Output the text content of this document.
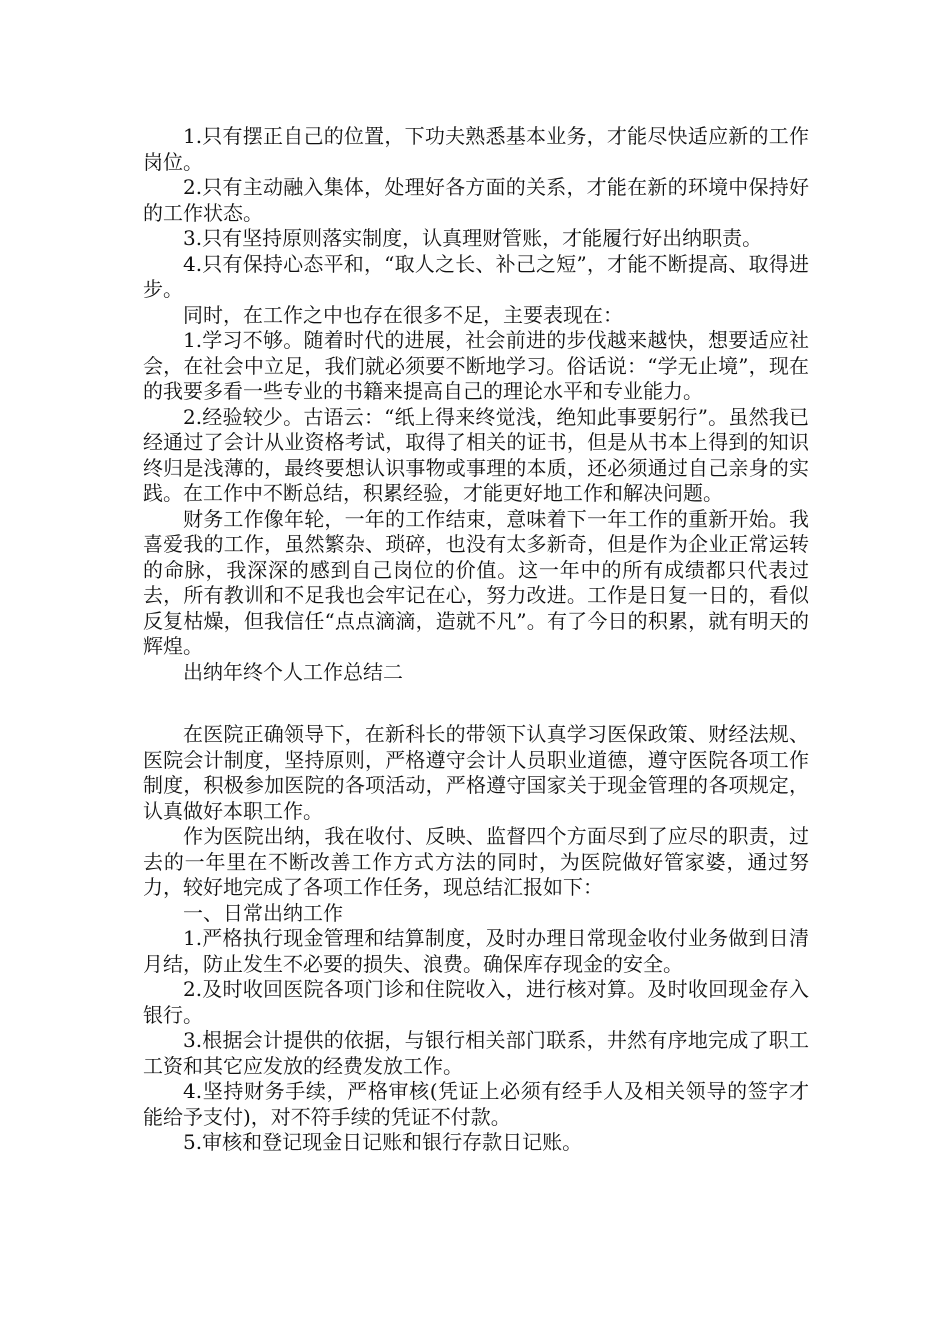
1.只有摆正自己的位置，下功夫熟悉基本业务，才能尽快适应新的工作岗位。

2.只有主动融入集体，处理好各方面的关系，才能在新的环境中保持好的工作状态。

3.只有坚持原则落实制度，认真理财管账，才能履行好出纳职责。

4.只有保持心态平和，“取人之长、补己之短”，才能不断提高、取得进步。

同时，在工作之中也存在很多不足，主要表现在：

1.学习不够。随着时代的进展，社会前进的步伐越来越快，想要适应社会，在社会中立足，我们就必须要不断地学习。俗话说：“学无止境”，现在的我要多看一些专业的书籍来提高自己的理论水平和专业能力。

2.经验较少。古语云：“纸上得来终觉浅，绝知此事要躬行”。虽然我已经通过了会计从业资格考试，取得了相关的证书，但是从书本上得到的知识终归是浅薄的，最终要想认识事物或事理的本质，还必须通过自己亲身的实践。在工作中不断总结，积累经验，才能更好地工作和解决问题。

财务工作像年轮，一年的工作结束，意味着下一年工作的重新开始。我喜爱我的工作，虽然繁杂、琐碎，也没有太多新奇，但是作为企业正常运转的命脉，我深深的感到自己岗位的价值。这一年中的所有成绩都只代表过去，所有教训和不足我也会牢记在心，努力改进。工作是日复一日的，看似反复枯燥，但我信任“点点滴滴，造就不凡”。有了今日的积累，就有明天的辉煌。

出纳年终个人工作总结二

在医院正确领导下，在新科长的带领下认真学习医保政策、财经法规、医院会计制度，坚持原则，严格遵守会计人员职业道德，遵守医院各项工作制度，积极参加医院的各项活动，严格遵守国家关于现金管理的各项规定，认真做好本职工作。

作为医院出纳，我在收付、反映、监督四个方面尽到了应尽的职责，过去的一年里在不断改善工作方式方法的同时，为医院做好管家婆，通过努力，较好地完成了各项工作任务，现总结汇报如下：

一、日常出纳工作

1.严格执行现金管理和结算制度，及时办理日常现金收付业务做到日清月结，防止发生不必要的损失、浪费。确保库存现金的安全。

2.及时收回医院各项门诊和住院收入，进行核对算。及时收回现金存入银行。

3.根据会计提供的依据，与银行相关部门联系，井然有序地完成了职工工资和其它应发放的经费发放工作。

4.坚持财务手续，严格审核(凭证上必须有经手人及相关领导的签字才能给予支付)，对不符手续的凭证不付款。

5.审核和登记现金日记账和银行存款日记账。
